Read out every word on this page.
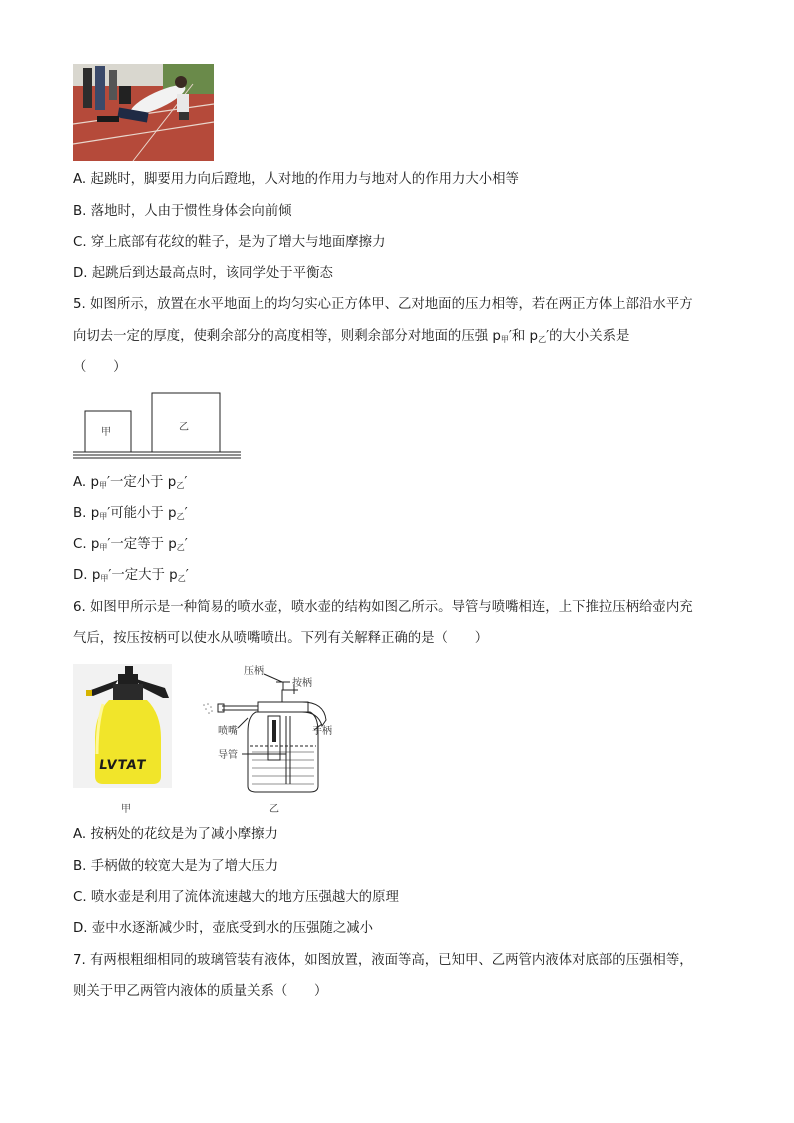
A. 起跳时，脚要用力向后蹬地，人对地的作用力与地对人的作用力大小相等
B. 落地时，人由于惯性身体会向前倾
C. 穿上底部有花纹的鞋子，是为了增大与地面摩擦力
D. 起跳后到达最高点时，该同学处于平衡态
5. 如图所示，放置在水平地面上的均匀实心正方体甲、乙对地面的压力相等，若在两正方体上部沿水平方
向切去一定的厚度，使剩余部分的高度相等，则剩余部分对地面的压强 $p_甲'$和 $p_乙'$的大小关系是
（　　）
甲	乙
A. $p_甲'$一定小于 $p_乙'$
B. $p_甲'$可能小于 $p_乙'$
C. $p_甲'$一定等于 $p_乙'$
D. $p_甲'$一定大于 $p_乙'$
6. 如图甲所示是一种简易的喷水壶，喷水壶的结构如图乙所示。导管与喷嘴相连，上下推拉压柄给壶内充
气后，按压按柄可以使水从喷嘴喷出。下列有关解释正确的是（　　）
LVTAT
甲
压柄
按柄
喷嘴	手柄
导管
乙
A. 按柄处的花纹是为了减小摩擦力
B. 手柄做的较宽大是为了增大压力
C. 喷水壶是利用了流体流速越大的地方压强越大的原理
D. 壶中水逐渐减少时，壶底受到水的压强随之减小
7. 有两根粗细相同的玻璃管装有液体，如图放置，液面等高，已知甲、乙两管内液体对底部的压强相等，
则关于甲乙两管内液体的质量关系（　　）
